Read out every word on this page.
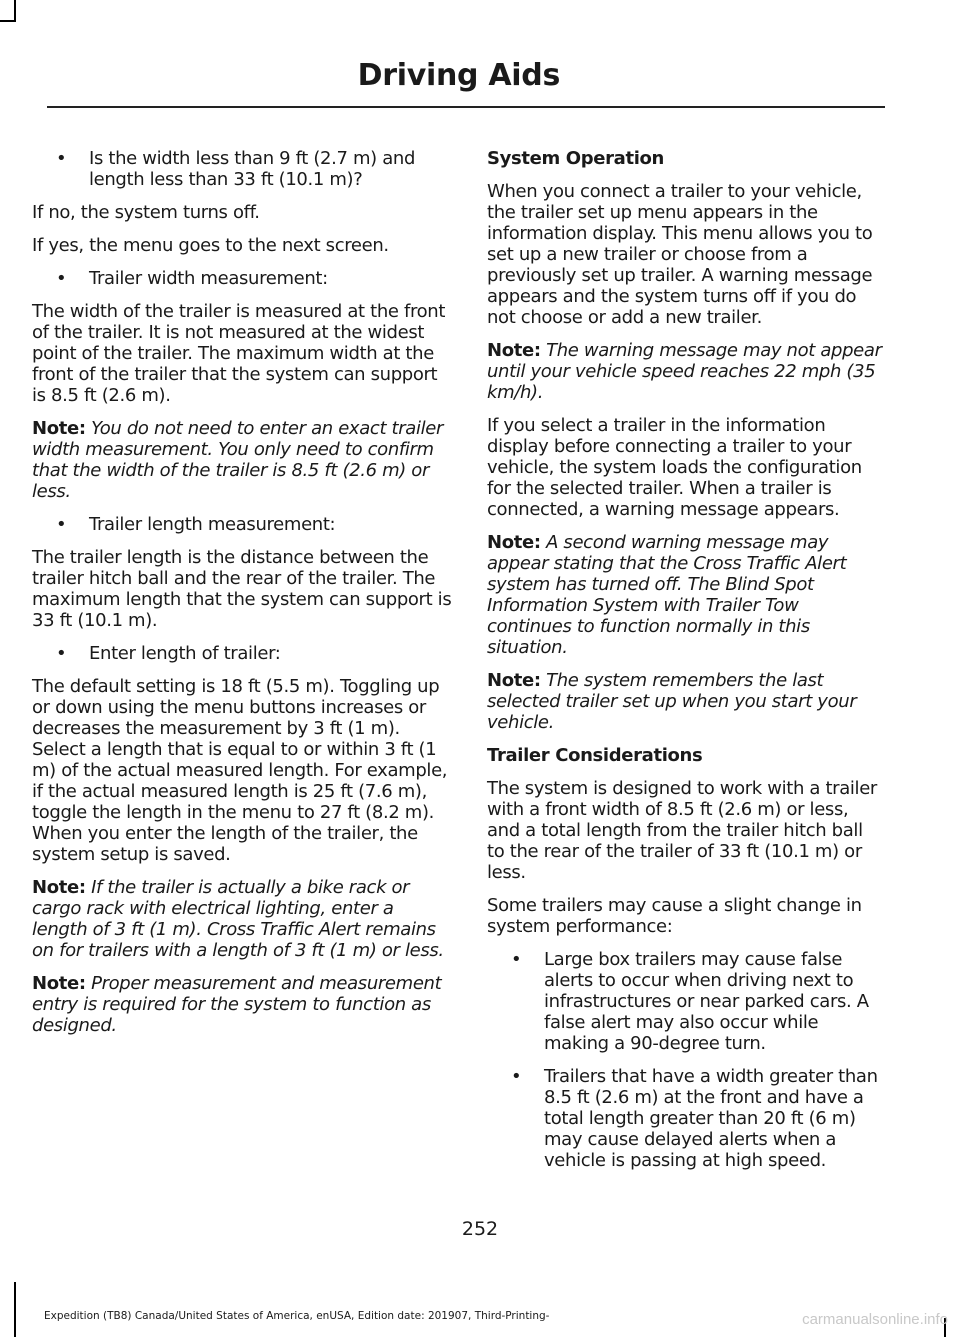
Driving Aids
• Is the width less than 9 ft (2.7 m) and length less than 33 ft (10.1 m)?

If no, the system turns off.

If yes, the menu goes to the next screen.

• Trailer width measurement:

The width of the trailer is measured at the front of the trailer. It is not measured at the widest point of the trailer. The maximum width at the front of the trailer that the system can support is 8.5 ft (2.6 m).

Note: You do not need to enter an exact trailer width measurement. You only need to confirm that the width of the trailer is 8.5 ft (2.6 m) or less.

• Trailer length measurement:

The trailer length is the distance between the trailer hitch ball and the rear of the trailer. The maximum length that the system can support is 33 ft (10.1 m).

• Enter length of trailer:

The default setting is 18 ft (5.5 m). Toggling up or down using the menu buttons increases or decreases the measurement by 3 ft (1 m). Select a length that is equal to or within 3 ft (1 m) of the actual measured length. For example, if the actual measured length is 25 ft (7.6 m), toggle the length in the menu to 27 ft (8.2 m). When you enter the length of the trailer, the system setup is saved.

Note: If the trailer is actually a bike rack or cargo rack with electrical lighting, enter a length of 3 ft (1 m). Cross Traffic Alert remains on for trailers with a length of 3 ft (1 m) or less.

Note: Proper measurement and measurement entry is required for the system to function as designed.

System Operation

When you connect a trailer to your vehicle, the trailer set up menu appears in the information display. This menu allows you to set up a new trailer or choose from a previously set up trailer. A warning message appears and the system turns off if you do not choose or add a new trailer.

Note: The warning message may not appear until your vehicle speed reaches 22 mph (35 km/h).

If you select a trailer in the information display before connecting a trailer to your vehicle, the system loads the configuration for the selected trailer. When a trailer is connected, a warning message appears.

Note: A second warning message may appear stating that the Cross Traffic Alert system has turned off. The Blind Spot Information System with Trailer Tow continues to function normally in this situation.

Note: The system remembers the last selected trailer set up when you start your vehicle.

Trailer Considerations

The system is designed to work with a trailer with a front width of 8.5 ft (2.6 m) or less, and a total length from the trailer hitch ball to the rear of the trailer of 33 ft (10.1 m) or less.

Some trailers may cause a slight change in system performance:

• Large box trailers may cause false alerts to occur when driving next to infrastructures or near parked cars. A false alert may also occur while making a 90-degree turn.
• Trailers that have a width greater than 8.5 ft (2.6 m) at the front and have a total length greater than 20 ft (6 m) may cause delayed alerts when a vehicle is passing at high speed.
252
Expedition (TB8) Canada/United States of America, enUSA, Edition date: 201907, Third-Printing-	carmanualsonline.info
